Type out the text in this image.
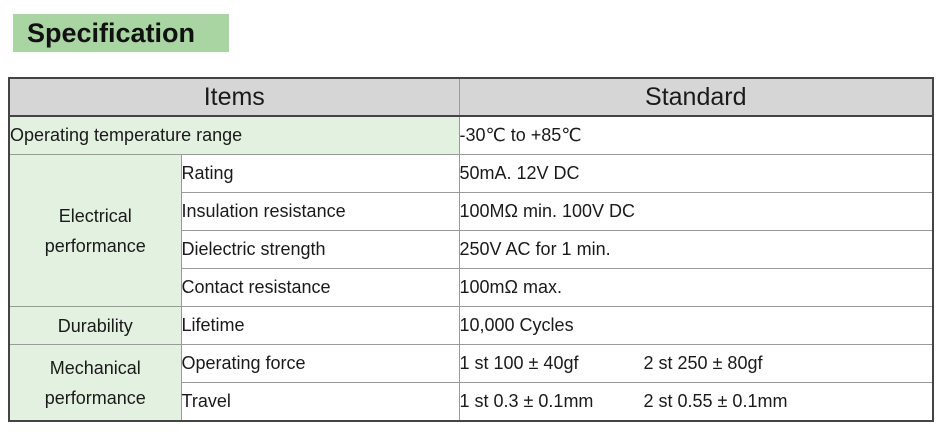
Specification
Items		Standard
Operating temperature range		-30℃ to +85℃
Electrical performance	Rating	50mA. 12V DC
	Insulation resistance	100MΩ min. 100V DC
	Dielectric strength	250V AC for 1 min.
	Contact resistance	100mΩ max.
Durability	Lifetime	10,000 Cycles
Mechanical performance	Operating force	1 st 100 ± 40gf 2 st 250 ± 80gf
	Travel	1 st 0.3 ± 0.1mm 2 st 0.55 ± 0.1mm
